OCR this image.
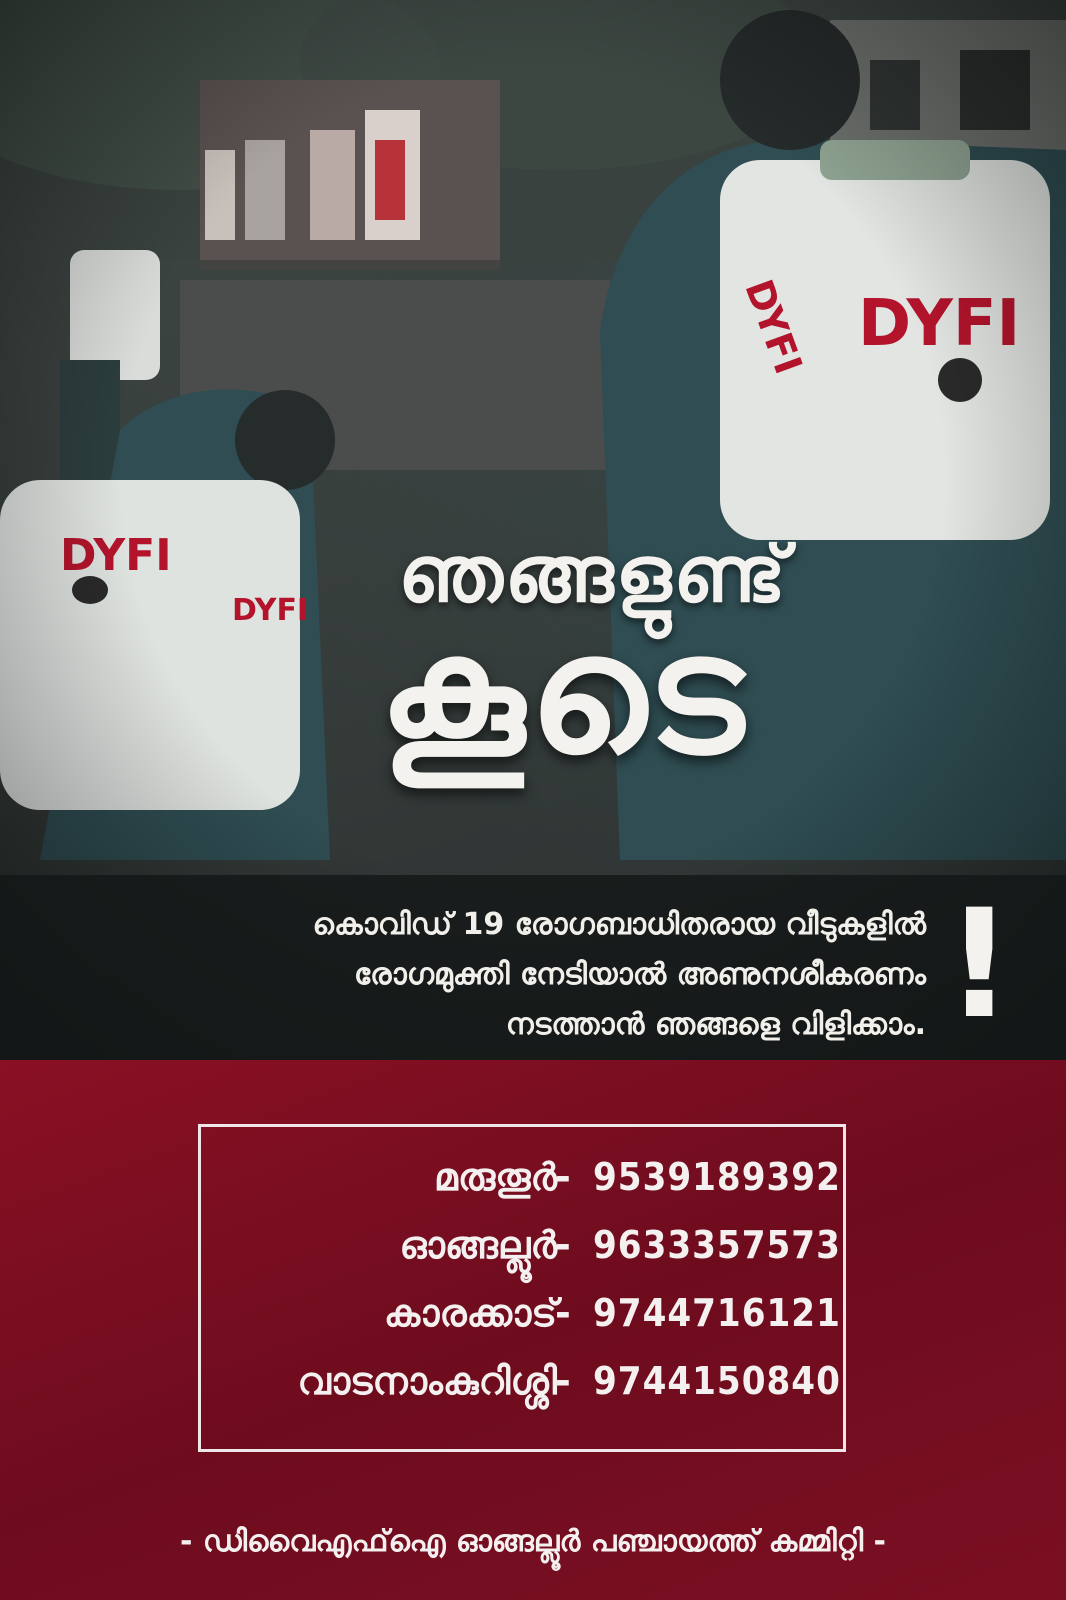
ഞങ്ങളുണ്ട്
കൂടെ
കൊവിഡ് 19 രോഗബാധിതരായ വീടുകളിൽ
രോഗമുക്തി നേടിയാൽ അണുനശീകരണം
നടത്താൻ ഞങ്ങളെ വിളിക്കാം. !
മരുതൂർ
- 9539189392
ഓങ്ങല്ലൂർ
- 9633357573
കാരക്കാട്
- 9744716121
വാടനാംകുറിശ്ശി
- 9744150840
- ഡിവൈഎഫ്ഐ ഓങ്ങല്ലൂർ പഞ്ചായത്ത് കമ്മിറ്റി -
